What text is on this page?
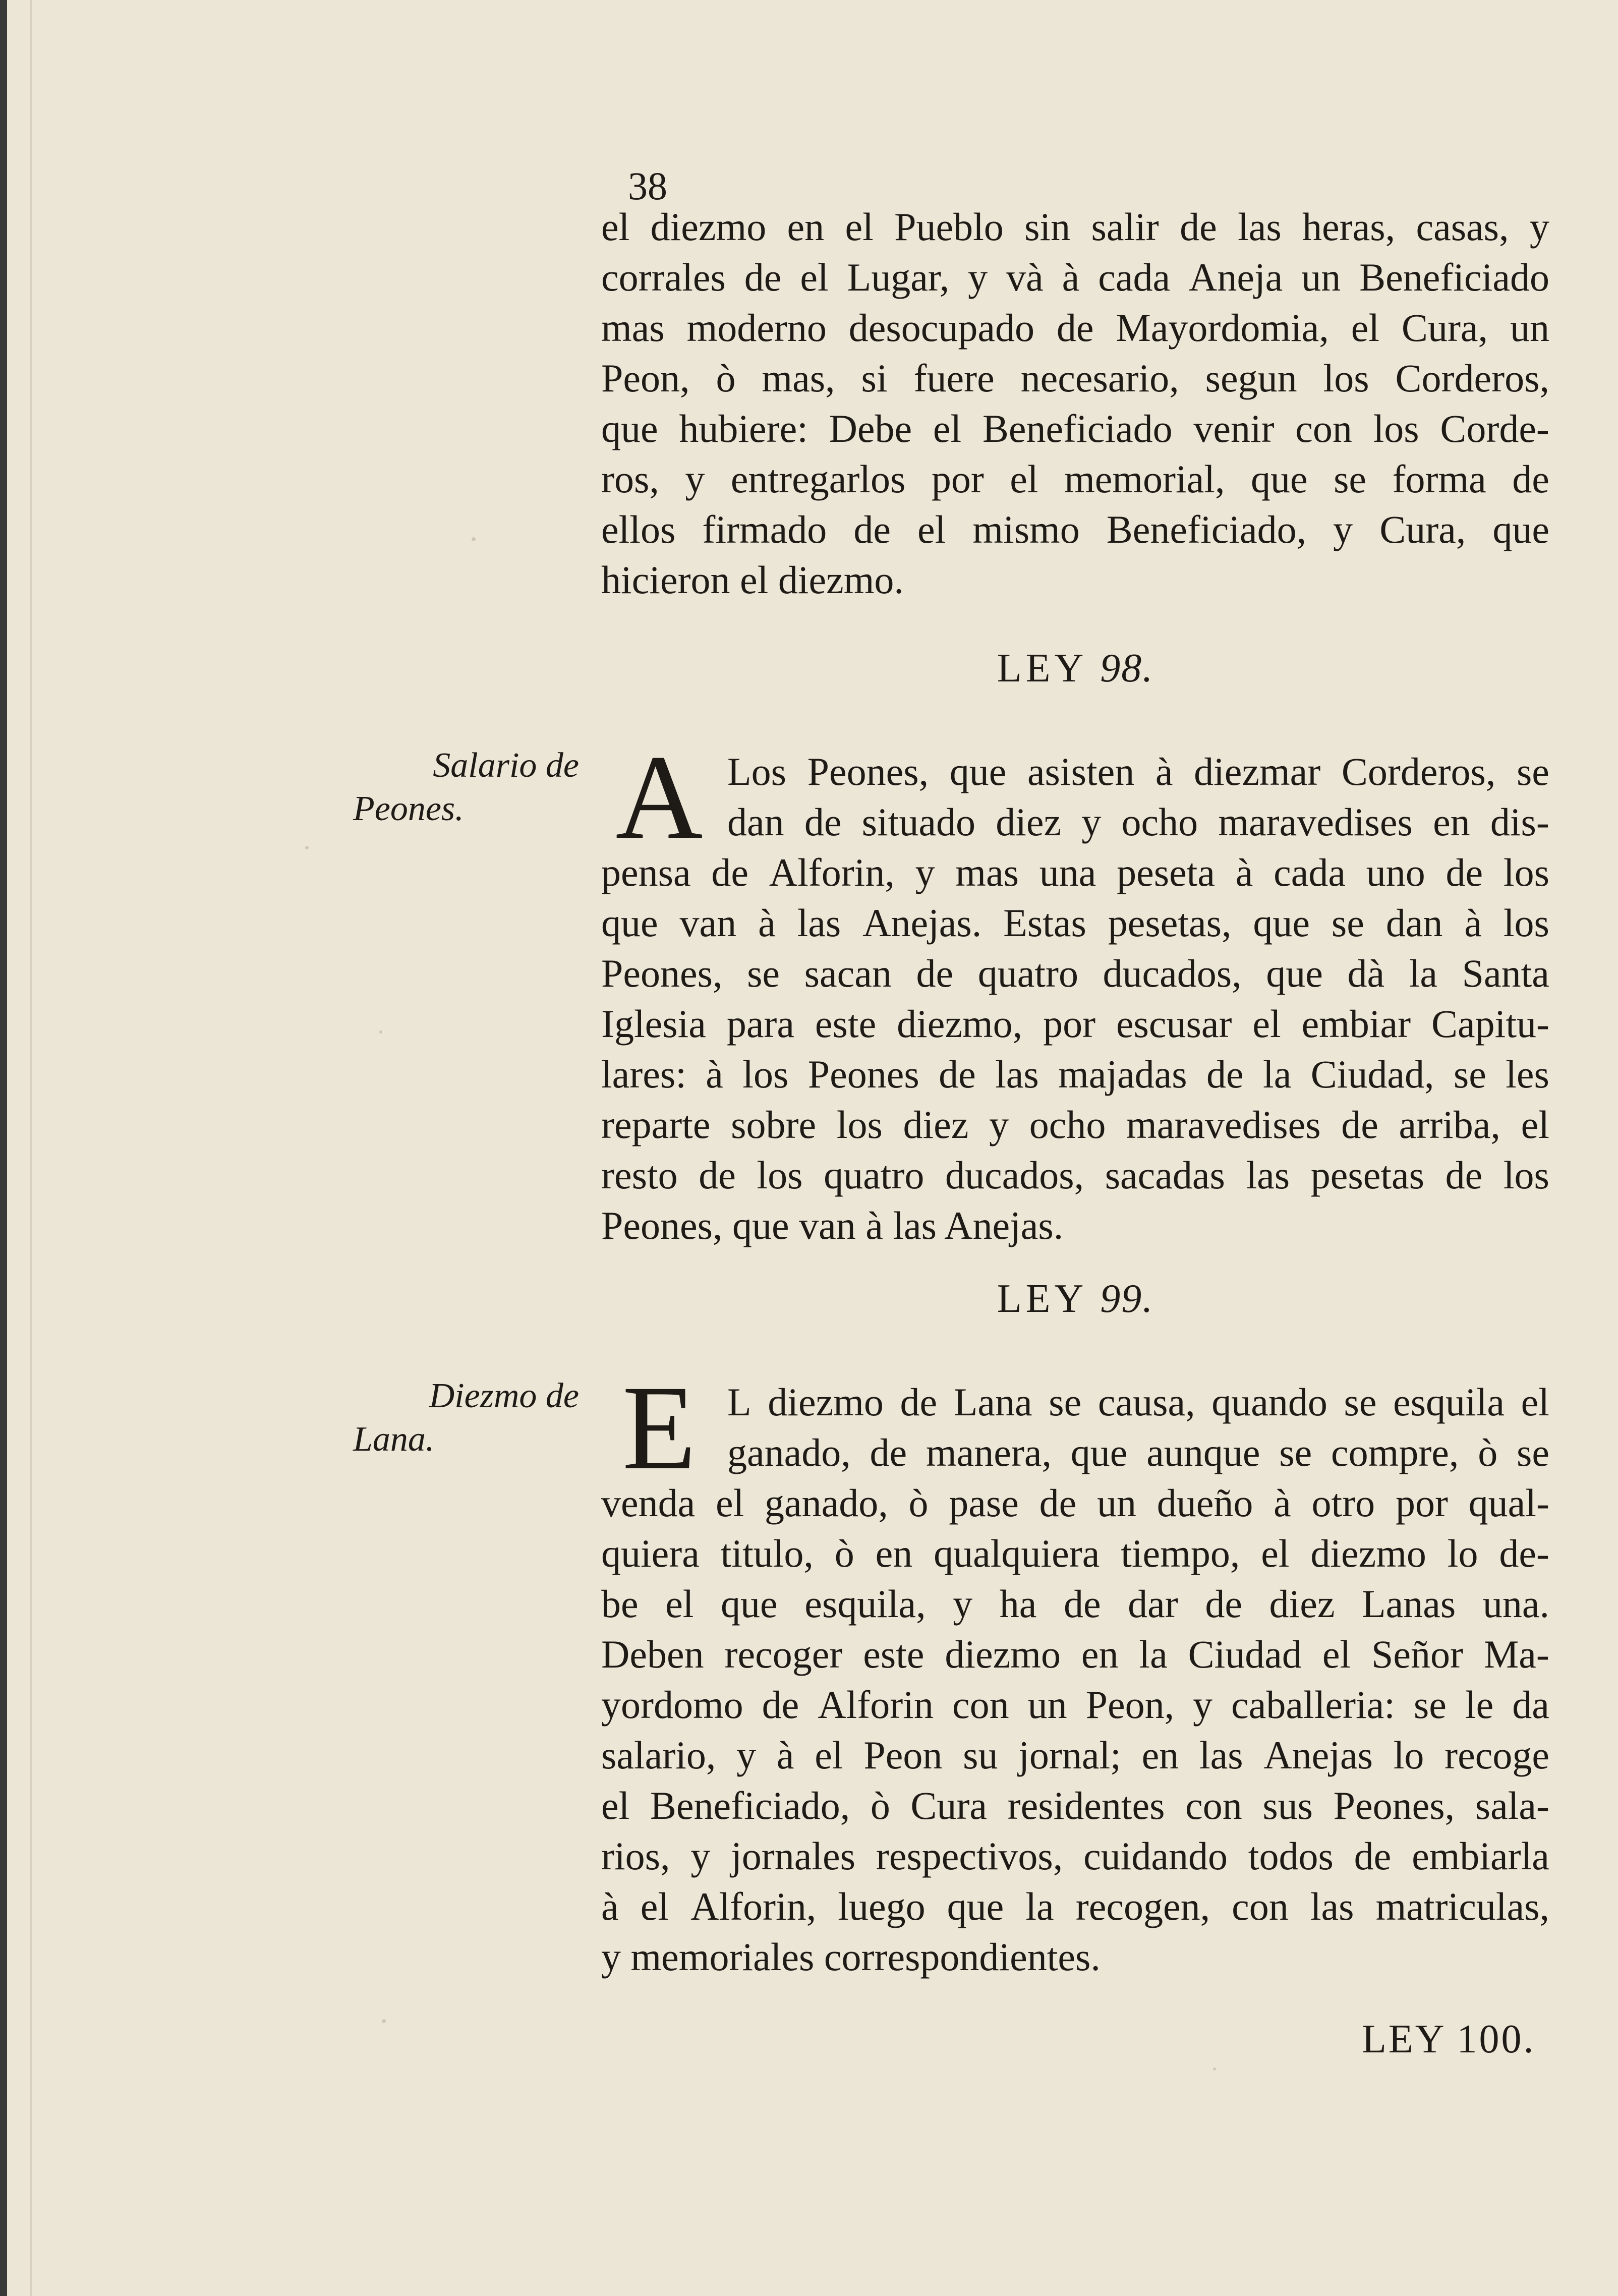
38
el diezmo en el Pueblo sin salir de las heras, casas, y
corrales de el Lugar, y và à cada Aneja un Beneficiado
mas moderno desocupado de Mayordomia, el Cura, un
Peon, ò mas, si fuere necesario, segun los Corderos,
que hubiere: Debe el Beneficiado venir con los Corde-
ros, y entregarlos por el memorial, que se forma de
ellos firmado de el mismo Beneficiado, y Cura, que
hicieron el diezmo.
LEY 98.
Salario de
Peones.	A Los Peones, que asisten à diezmar Corderos, se
dan de situado diez y ocho maravedises en dis-
pensa de Alforin, y mas una peseta à cada uno de los
que van à las Anejas. Estas pesetas, que se dan à los
Peones, se sacan de quatro ducados, que dà la Santa
Iglesia para este diezmo, por escusar el embiar Capitu-
lares: à los Peones de las majadas de la Ciudad, se les
reparte sobre los diez y ocho maravedises de arriba, el
resto de los quatro ducados, sacadas las pesetas de los
Peones, que van à las Anejas.
LEY 99.
Diezmo de
Lana.	E L diezmo de Lana se causa, quando se esquila el
ganado, de manera, que aunque se compre, ò se
venda el ganado, ò pase de un dueño à otro por qual-
quiera titulo, ò en qualquiera tiempo, el diezmo lo de-
be el que esquila, y ha de dar de diez Lanas una.
Deben recoger este diezmo en la Ciudad el Señor Ma-
yordomo de Alforin con un Peon, y caballeria: se le da
salario, y à el Peon su jornal; en las Anejas lo recoge
el Beneficiado, ò Cura residentes con sus Peones, sala-
rios, y jornales respectivos, cuidando todos de embiarla
à el Alforin, luego que la recogen, con las matriculas,
y memoriales correspondientes.
LEY 100.
